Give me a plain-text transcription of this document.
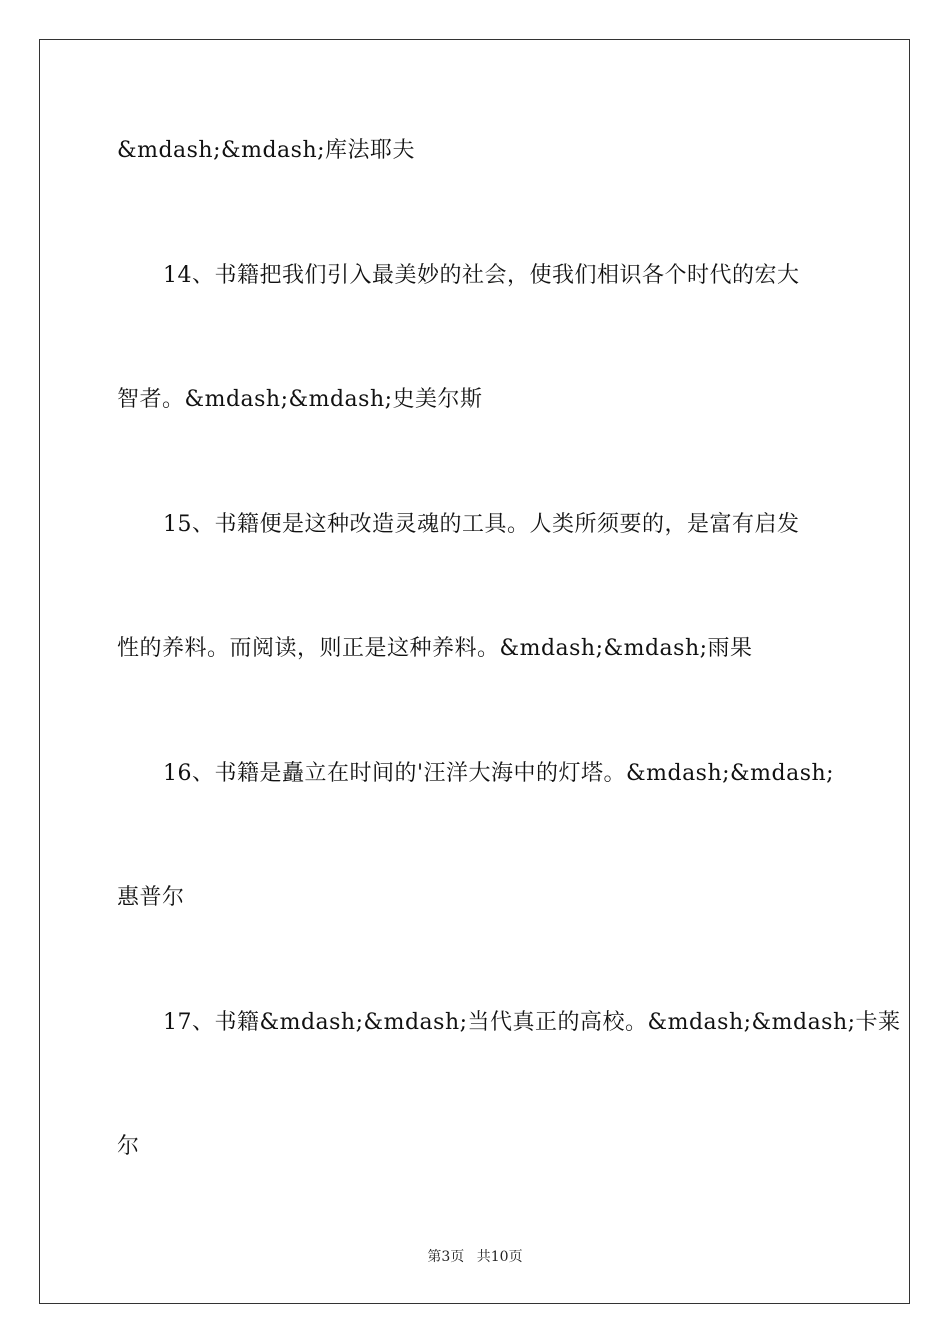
&mdash;&mdash;库法耶夫
14、书籍把我们引入最美妙的社会，使我们相识各个时代的宏大
智者。&mdash;&mdash;史美尔斯
15、书籍便是这种改造灵魂的工具。人类所须要的，是富有启发
性的养料。而阅读，则正是这种养料。&mdash;&mdash;雨果
16、书籍是矗立在时间的'汪洋大海中的灯塔。&mdash;&mdash;
惠普尔
17、书籍&mdash;&mdash;当代真正的高校。&mdash;&mdash;卡莱
尔
第3页 共10页
